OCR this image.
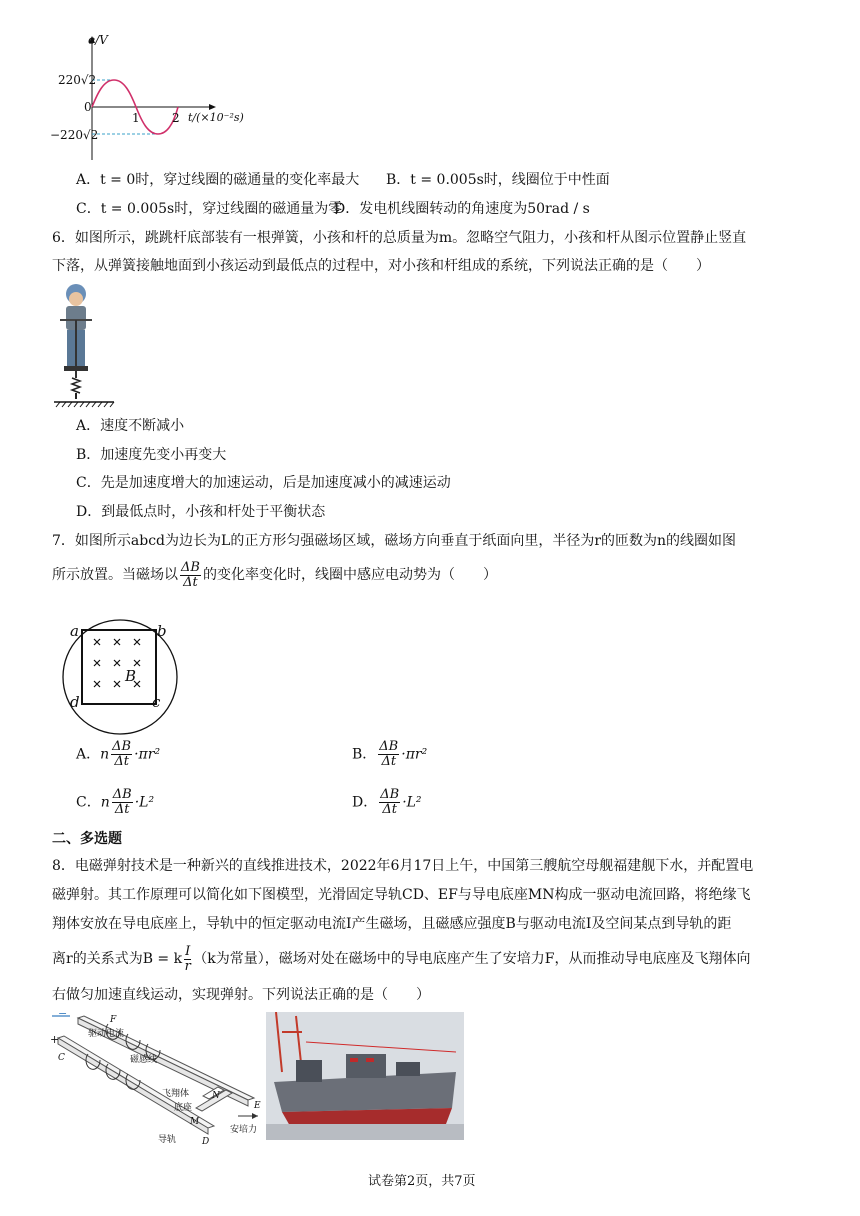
e/V
220√2
0
−220√2
1	2 t/(×10⁻²s)
A．t = 0时，穿过线圈的磁通量的变化率最大 B．t = 0.005s时，线圈位于中性面
C．t = 0.005s时，穿过线圈的磁通量为零
D．发电机线圈转动的角速度为50rad / s
6．如图所示，跳跳杆底部装有一根弹簧，小孩和杆的总质量为m。忽略空气阻力，小孩和杆从图示位置静止竖直
下落，从弹簧接触地面到小孩运动到最低点的过程中，对小孩和杆组成的系统，下列说法正确的是（　　）
A．速度不断减小
B．加速度先变小再变大
C．先是加速度增大的加速运动，后是加速度减小的减速运动
D．到最低点时，小孩和杆处于平衡状态
7．如图所示abcd为边长为L的正方形匀强磁场区域，磁场方向垂直于纸面向里，半径为r的匝数为n的线圈如图
所示放置。当磁场以 $\frac{\Delta B}{\Delta t}$ 的变化率变化时，线圈中感应电动势为（　　）
a	b
c
d
B
A．n $\frac{\Delta B}{\Delta t} \cdot\pi r^2$	B． $\frac{\Delta B}{\Delta t} \cdot\pi r^2$
C．n $\frac{\Delta B}{\Delta t} \cdot L^2$	D． $\frac{\Delta B}{\Delta t} \cdot L^2$
二、多选题
8．电磁弹射技术是一种新兴的直线推进技术，2022年6月17日上午，中国第三艘航空母舰福建舰下水，并配置电
磁弹射。其工作原理可以简化如下图模型，光滑固定导轨CD、EF与导电底座MN构成一驱动电流回路，将绝缘飞
翔体安放在导电底座上，导轨中的恒定驱动电流I产生磁场，且磁感应强度B与驱动电流I及空间某点到导轨的距
离r的关系式为B = k $\frac{I}{r} (k$为常量），磁场对处在磁场中的导电底座产生了安培力F，从而推动导电底座及飞翔体向
右做匀加速直线运动，实现弹射。下列说法正确的是（　　）
−
+	驱动电流
磁感线
飞翔体
底座
导轨
安培力
C
D
E
F
M
N
试卷第2页，共7页
